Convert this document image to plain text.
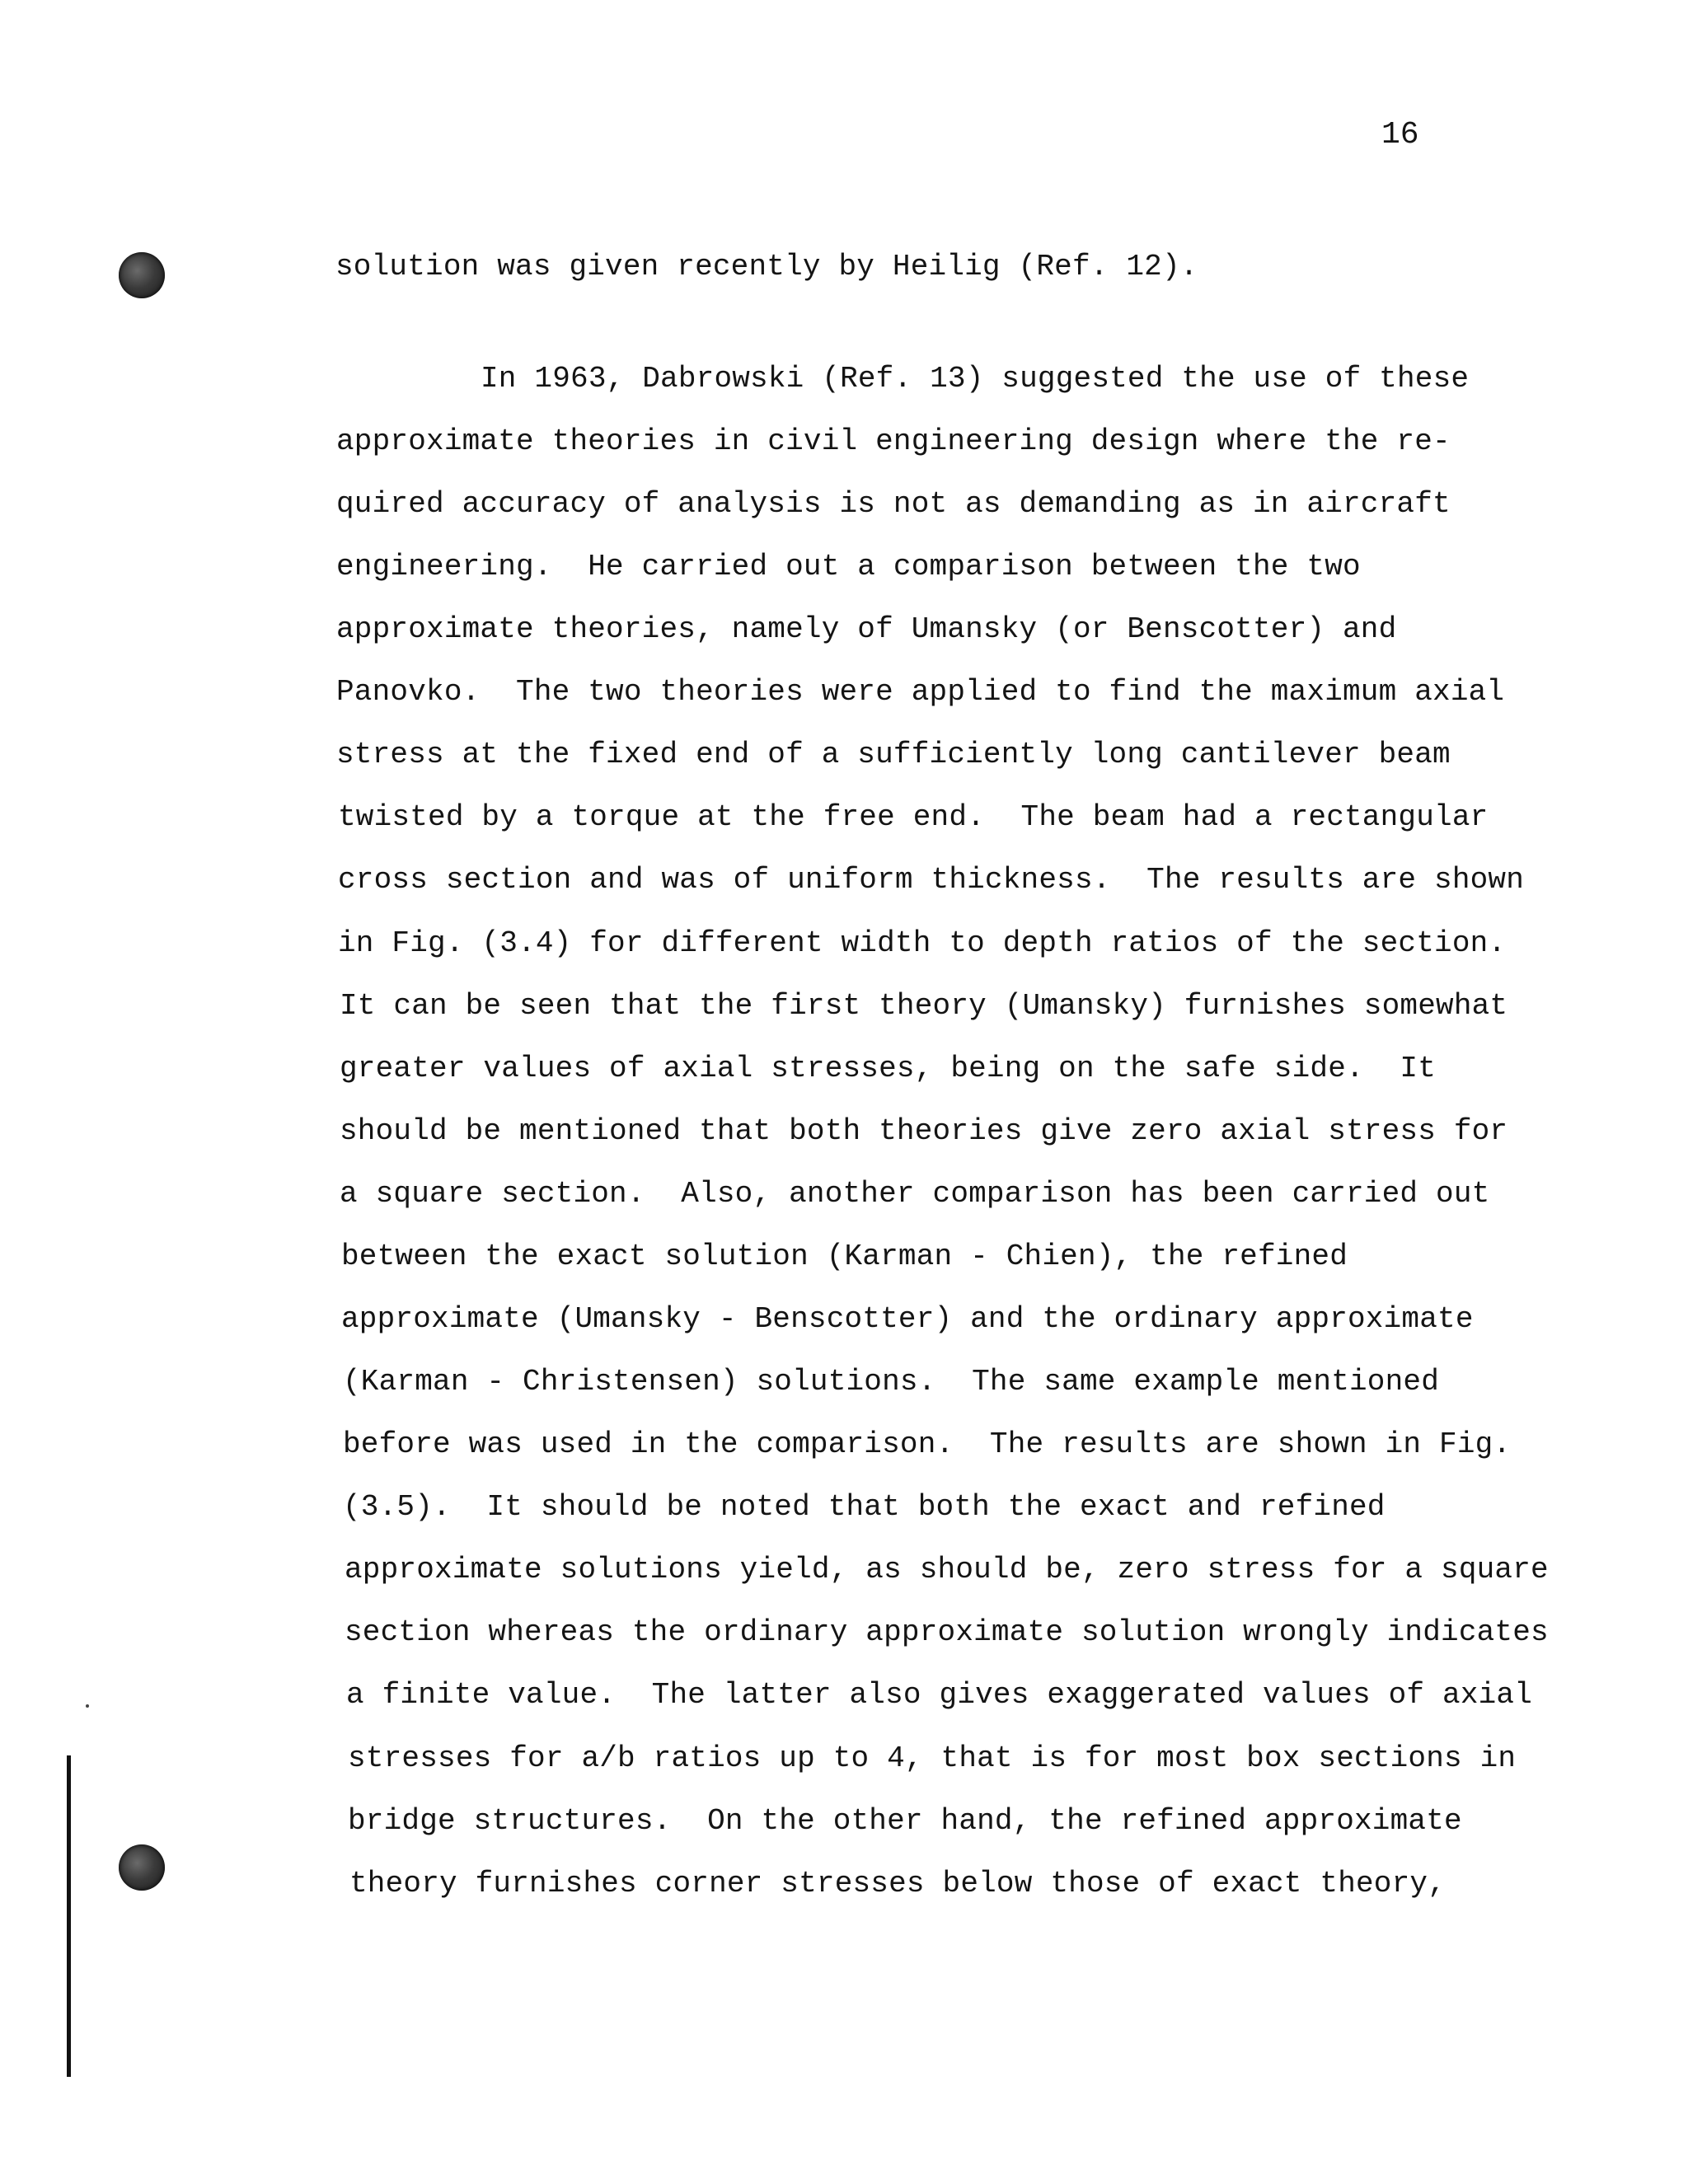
16
solution was given recently by Heilig (Ref. 12).
In 1963, Dabrowski (Ref. 13) suggested the use of these
approximate theories in civil engineering design where the re-
quired accuracy of analysis is not as demanding as in aircraft
engineering.  He carried out a comparison between the two
approximate theories, namely of Umansky (or Benscotter) and
Panovko.  The two theories were applied to find the maximum axial
stress at the fixed end of a sufficiently long cantilever beam
twisted by a torque at the free end.  The beam had a rectangular
cross section and was of uniform thickness.  The results are shown
in Fig. (3.4) for different width to depth ratios of the section.
It can be seen that the first theory (Umansky) furnishes somewhat
greater values of axial stresses, being on the safe side.  It
should be mentioned that both theories give zero axial stress for
a square section.  Also, another comparison has been carried out
between the exact solution (Karman - Chien), the refined
approximate (Umansky - Benscotter) and the ordinary approximate
(Karman - Christensen) solutions.  The same example mentioned
before was used in the comparison.  The results are shown in Fig.
(3.5).  It should be noted that both the exact and refined
approximate solutions yield, as should be, zero stress for a square
section whereas the ordinary approximate solution wrongly indicates
a finite value.  The latter also gives exaggerated values of axial
stresses for a/b ratios up to 4, that is for most box sections in
bridge structures.  On the other hand, the refined approximate
theory furnishes corner stresses below those of exact theory,
